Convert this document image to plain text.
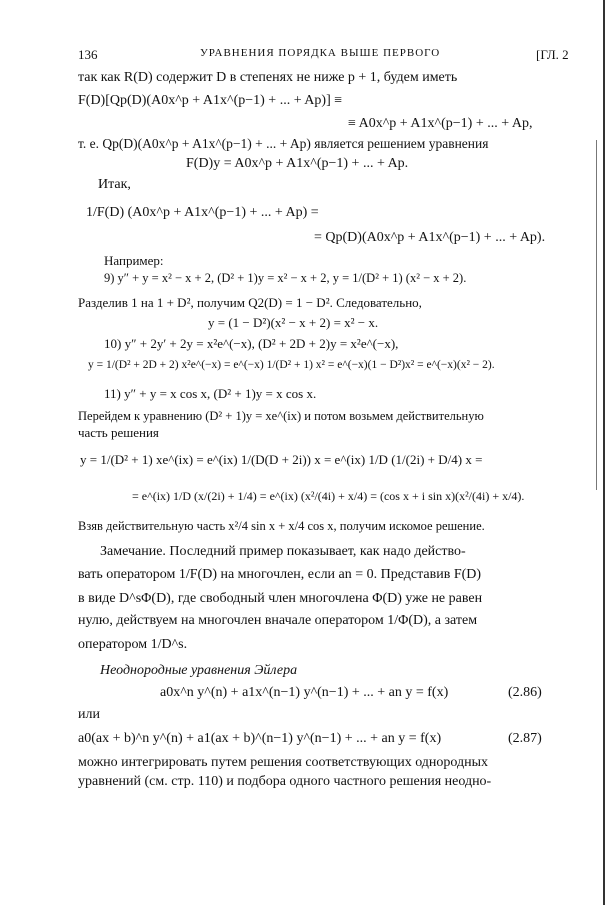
136	УРАВНЕНИЯ ПОРЯДКА ВЫШЕ ПЕРВОГО	[ГЛ. 2
так как R(D) содержит D в степенях не ниже p + 1, будем иметь
F(D)[Qp(D)(A0x^p + A1x^(p−1) + ... + Ap)] ≡
≡ A0x^p + A1x^(p−1) + ... + Ap,
т. е. Qp(D)(A0x^p + A1x^(p−1) + ... + Ap) является решением уравнения
F(D)y = A0x^p + A1x^(p−1) + ... + Ap.
Итак,
1/F(D) (A0x^p + A1x^(p−1) + ... + Ap) =
= Qp(D)(A0x^p + A1x^(p−1) + ... + Ap).
Например:
9) y″ + y = x² − x + 2, (D² + 1)y = x² − x + 2, y = 1/(D² + 1) (x² − x + 2).
Разделив 1 на 1 + D², получим Q2(D) = 1 − D². Следовательно,
y = (1 − D²)(x² − x + 2) = x² − x.
10) y″ + 2y′ + 2y = x²e^(−x), (D² + 2D + 2)y = x²e^(−x),
y = 1/(D² + 2D + 2) x²e^(−x) = e^(−x) 1/(D² + 1) x² = e^(−x)(1 − D²)x² = e^(−x)(x² − 2).
11) y″ + y = x cos x, (D² + 1)y = x cos x.
Перейдем к уравнению (D² + 1)y = xe^(ix) и потом возьмем действительную
часть решения
y = 1/(D² + 1) xe^(ix) = e^(ix) 1/(D(D + 2i)) x = e^(ix) 1/D (1/(2i) + D/4) x =
= e^(ix) 1/D (x/(2i) + 1/4) = e^(ix) (x²/(4i) + x/4) = (cos x + i sin x)(x²/(4i) + x/4).
Взяв действительную часть x²/4 sin x + x/4 cos x, получим искомое решение.
Замечание. Последний пример показывает, как надо действо-
вать оператором 1/F(D) на многочлен, если an = 0. Представив F(D)
в виде D^sΦ(D), где свободный член многочлена Φ(D) уже не равен
нулю, действуем на многочлен вначале оператором 1/Φ(D), а затем
оператором 1/D^s.
Неоднородные уравнения Эйлера
a0x^n y^(n) + a1x^(n−1) y^(n−1) + ... + an y = f(x)	(2.86)
или
a0(ax + b)^n y^(n) + a1(ax + b)^(n−1) y^(n−1) + ... + an y = f(x)	(2.87)
можно интегрировать путем решения соответствующих однородных
уравнений (см. стр. 110) и подбора одного частного решения неодно-
